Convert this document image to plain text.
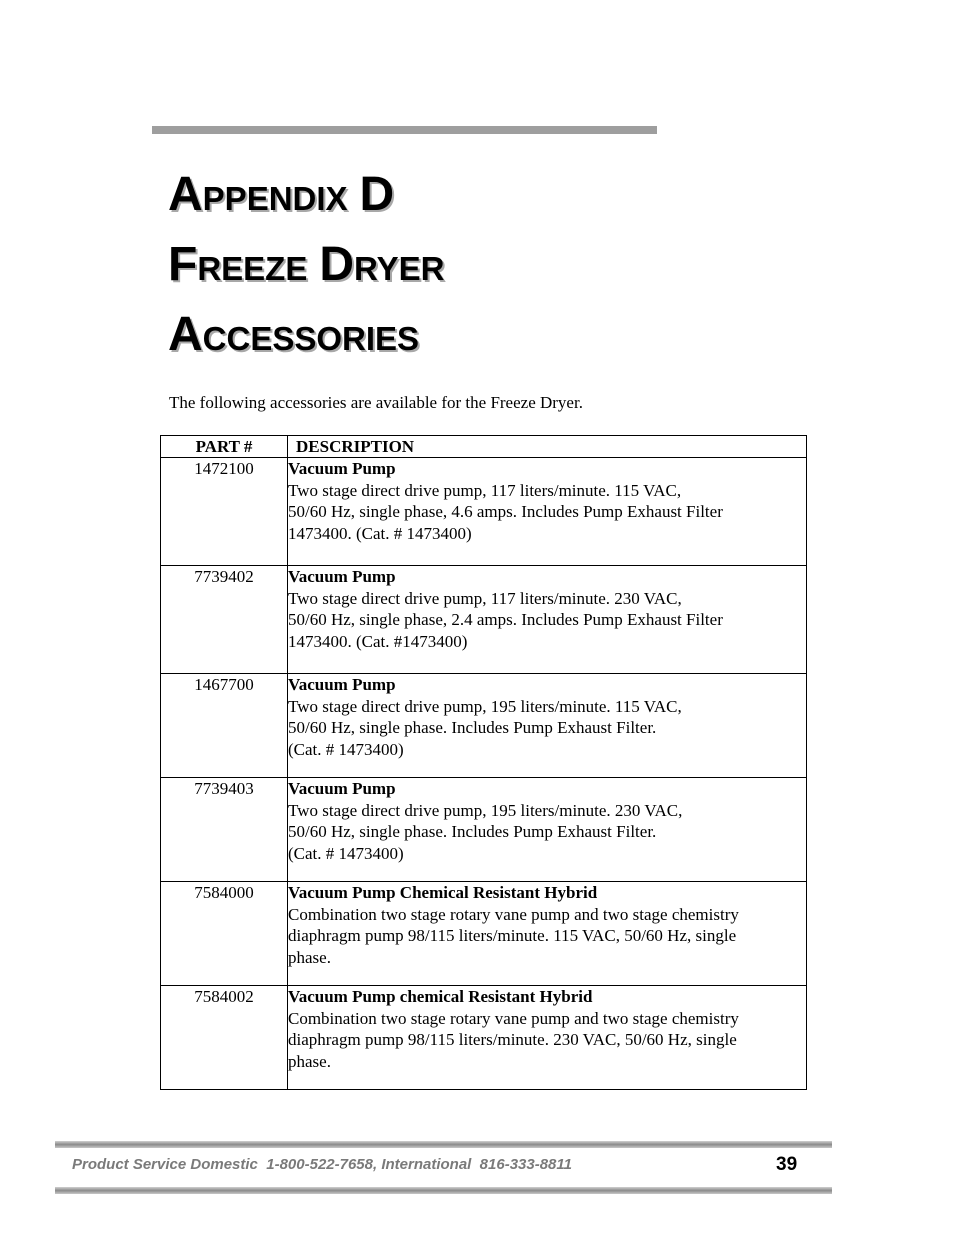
APPENDIX D
FREEZE DRYER
ACCESSORIES
The following accessories are available for the Freeze Dryer.
PART #	DESCRIPTION
1472100	Vacuum Pump
Two stage direct drive pump, 117 liters/minute. 115 VAC,
50/60 Hz, single phase, 4.6 amps. Includes Pump Exhaust Filter
1473400. (Cat. # 1473400)

7739402	Vacuum Pump
Two stage direct drive pump, 117 liters/minute. 230 VAC,
50/60 Hz, single phase, 2.4 amps. Includes Pump Exhaust Filter
1473400. (Cat. #1473400)

1467700	Vacuum Pump
Two stage direct drive pump, 195 liters/minute. 115 VAC,
50/60 Hz, single phase. Includes Pump Exhaust Filter.
(Cat. # 1473400)

7739403	Vacuum Pump
Two stage direct drive pump, 195 liters/minute. 230 VAC,
50/60 Hz, single phase. Includes Pump Exhaust Filter.
(Cat. # 1473400)

7584000	Vacuum Pump Chemical Resistant Hybrid
Combination two stage rotary vane pump and two stage chemistry
diaphragm pump 98/115 liters/minute. 115 VAC, 50/60 Hz, single
phase.

7584002	Vacuum Pump chemical Resistant Hybrid
Combination two stage rotary vane pump and two stage chemistry
diaphragm pump 98/115 liters/minute. 230 VAC, 50/60 Hz, single
phase.
Product Service Domestic  1-800-522-7658, International  816-333-8811	39
